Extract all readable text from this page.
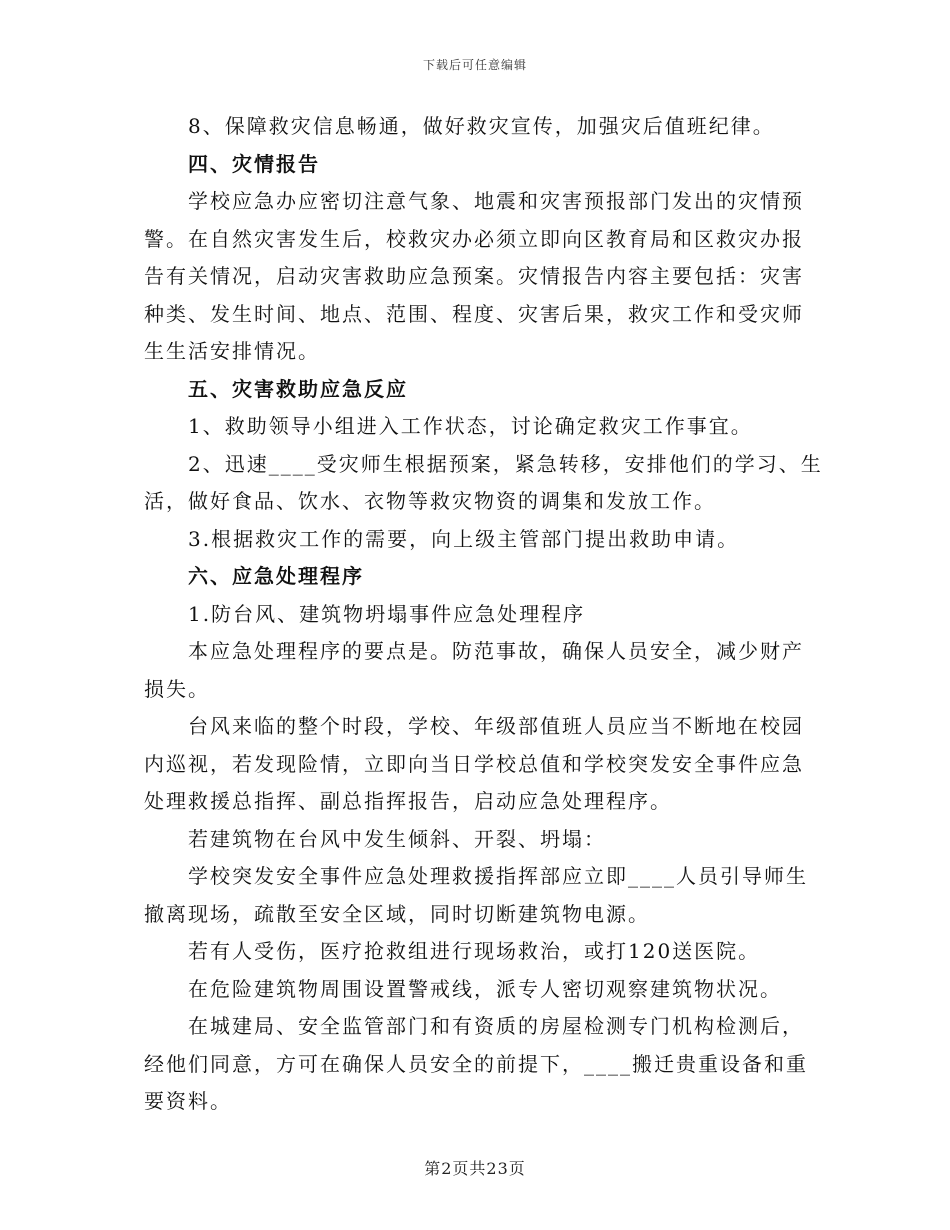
下载后可任意编辑
8、保障救灾信息畅通，做好救灾宣传，加强灾后值班纪律。
四、灾情报告
学校应急办应密切注意气象、地震和灾害预报部门发出的灾情预
警。在自然灾害发生后，校救灾办必须立即向区教育局和区救灾办报
告有关情况，启动灾害救助应急预案。灾情报告内容主要包括：灾害
种类、发生时间、地点、范围、程度、灾害后果，救灾工作和受灾师
生生活安排情况。
五、灾害救助应急反应
1、救助领导小组进入工作状态，讨论确定救灾工作事宜。
2、迅速____受灾师生根据预案，紧急转移，安排他们的学习、生
活，做好食品、饮水、衣物等救灾物资的调集和发放工作。
3.根据救灾工作的需要，向上级主管部门提出救助申请。
六、应急处理程序
1.防台风、建筑物坍塌事件应急处理程序
本应急处理程序的要点是。防范事故，确保人员安全，减少财产
损失。
台风来临的整个时段，学校、年级部值班人员应当不断地在校园
内巡视，若发现险情，立即向当日学校总值和学校突发安全事件应急
处理救援总指挥、副总指挥报告，启动应急处理程序。
若建筑物在台风中发生倾斜、开裂、坍塌：
学校突发安全事件应急处理救援指挥部应立即____人员引导师生
撤离现场，疏散至安全区域，同时切断建筑物电源。
若有人受伤，医疗抢救组进行现场救治，或打120送医院。
在危险建筑物周围设置警戒线，派专人密切观察建筑物状况。
在城建局、安全监管部门和有资质的房屋检测专门机构检测后，
经他们同意，方可在确保人员安全的前提下，____搬迁贵重设备和重
要资料。
第2页共23页
